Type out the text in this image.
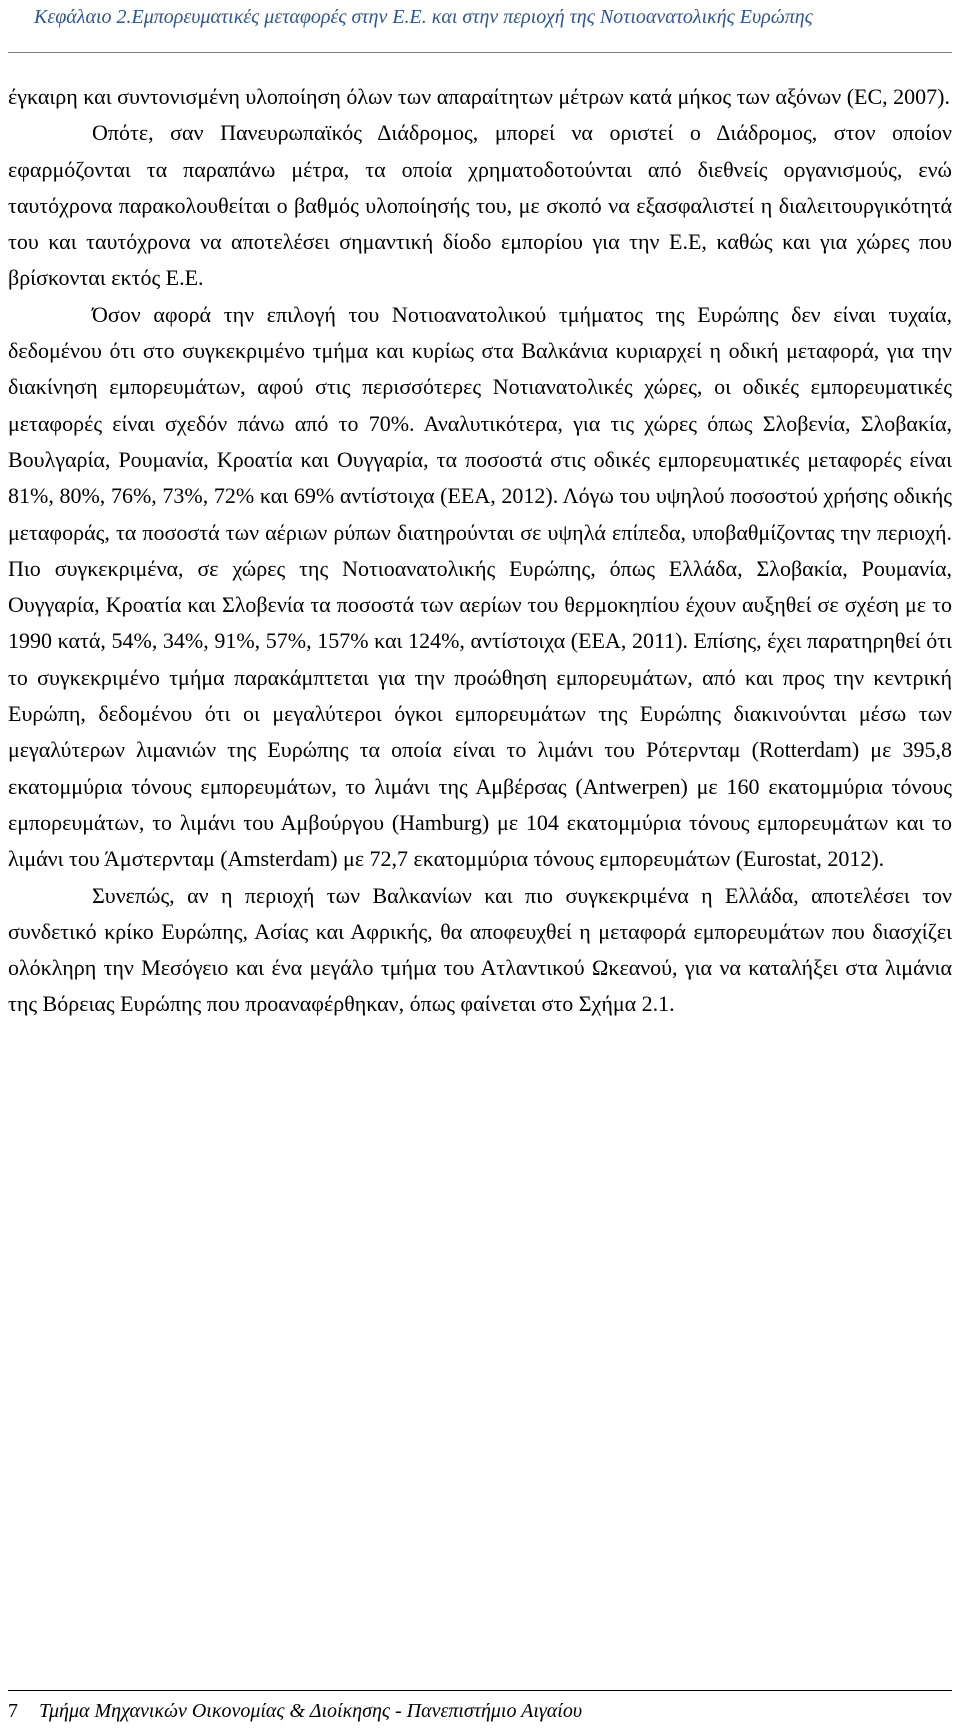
Κεφάλαιο 2.Εμπορευματικές μεταφορές στην Ε.Ε. και στην περιοχή της Νοτιοανατολικής Ευρώπης

έγκαιρη και συντονισμένη υλοποίηση όλων των απαραίτητων μέτρων κατά μήκος των αξόνων (EC, 2007).

Οπότε, σαν Πανευρωπαϊκός Διάδρομος, μπορεί να οριστεί ο Διάδρομος, στον οποίον εφαρμόζονται τα παραπάνω μέτρα, τα οποία χρηματοδοτούνται από διεθνείς οργανισμούς, ενώ ταυτόχρονα παρακολουθείται ο βαθμός υλοποίησής του, με σκοπό να εξασφαλιστεί η διαλειτουργικότητά του και ταυτόχρονα να αποτελέσει σημαντική δίοδο εμπορίου για την Ε.Ε, καθώς και για χώρες που βρίσκονται εκτός Ε.Ε.

Όσον αφορά την επιλογή του Νοτιοανατολικού τμήματος της Ευρώπης δεν είναι τυχαία, δεδομένου ότι στο συγκεκριμένο τμήμα και κυρίως στα Βαλκάνια κυριαρχεί η οδική μεταφορά, για την διακίνηση εμπορευμάτων, αφού στις περισσότερες Νοτιανατολικές χώρες, οι οδικές εμπορευματικές μεταφορές είναι σχεδόν πάνω από το 70%. Αναλυτικότερα, για τις χώρες όπως Σλοβενία, Σλοβακία, Βουλγαρία, Ρουμανία, Κροατία και Ουγγαρία, τα ποσοστά στις οδικές εμπορευματικές μεταφορές είναι 81%, 80%, 76%, 73%, 72% και 69% αντίστοιχα (EEA, 2012). Λόγω του υψηλού ποσοστού χρήσης οδικής μεταφοράς, τα ποσοστά των αέριων ρύπων διατηρούνται σε υψηλά επίπεδα, υποβαθμίζοντας την περιοχή. Πιο συγκεκριμένα, σε χώρες της Νοτιοανατολικής Ευρώπης, όπως Ελλάδα, Σλοβακία, Ρουμανία, Ουγγαρία, Κροατία και Σλοβενία τα ποσοστά των αερίων του θερμοκηπίου έχουν αυξηθεί σε σχέση με το 1990 κατά, 54%, 34%, 91%, 57%, 157% και 124%, αντίστοιχα (EEA, 2011). Επίσης, έχει παρατηρηθεί ότι το συγκεκριμένο τμήμα παρακάμπτεται για την προώθηση εμπορευμάτων, από και προς την κεντρική Ευρώπη, δεδομένου ότι οι μεγαλύτεροι όγκοι εμπορευμάτων της Ευρώπης διακινούνται μέσω των μεγαλύτερων λιμανιών της Ευρώπης τα οποία είναι το λιμάνι του Ρότερνταμ (Rotterdam) με 395,8 εκατομμύρια τόνους εμπορευμάτων, το λιμάνι της Αμβέρσας (Antwerpen) με 160 εκατομμύρια τόνους εμπορευμάτων, το λιμάνι του Αμβούργου (Hamburg) με 104 εκατομμύρια τόνους εμπορευμάτων και το λιμάνι του Άμστερνταμ (Amsterdam) με 72,7 εκατομμύρια τόνους εμπορευμάτων (Eurostat, 2012).

Συνεπώς, αν η περιοχή των Βαλκανίων και πιο συγκεκριμένα η Ελλάδα, αποτελέσει τον συνδετικό κρίκο Ευρώπης, Ασίας και Αφρικής, θα αποφευχθεί η μεταφορά εμπορευμάτων που διασχίζει ολόκληρη την Μεσόγειο και ένα μεγάλο τμήμα του Ατλαντικού Ωκεανού, για να καταλήξει στα λιμάνια της Βόρειας Ευρώπης που προαναφέρθηκαν, όπως φαίνεται στο Σχήμα 2.1.

7 Τμήμα Μηχανικών Οικονομίας & Διοίκησης - Πανεπιστήμιο Αιγαίου
